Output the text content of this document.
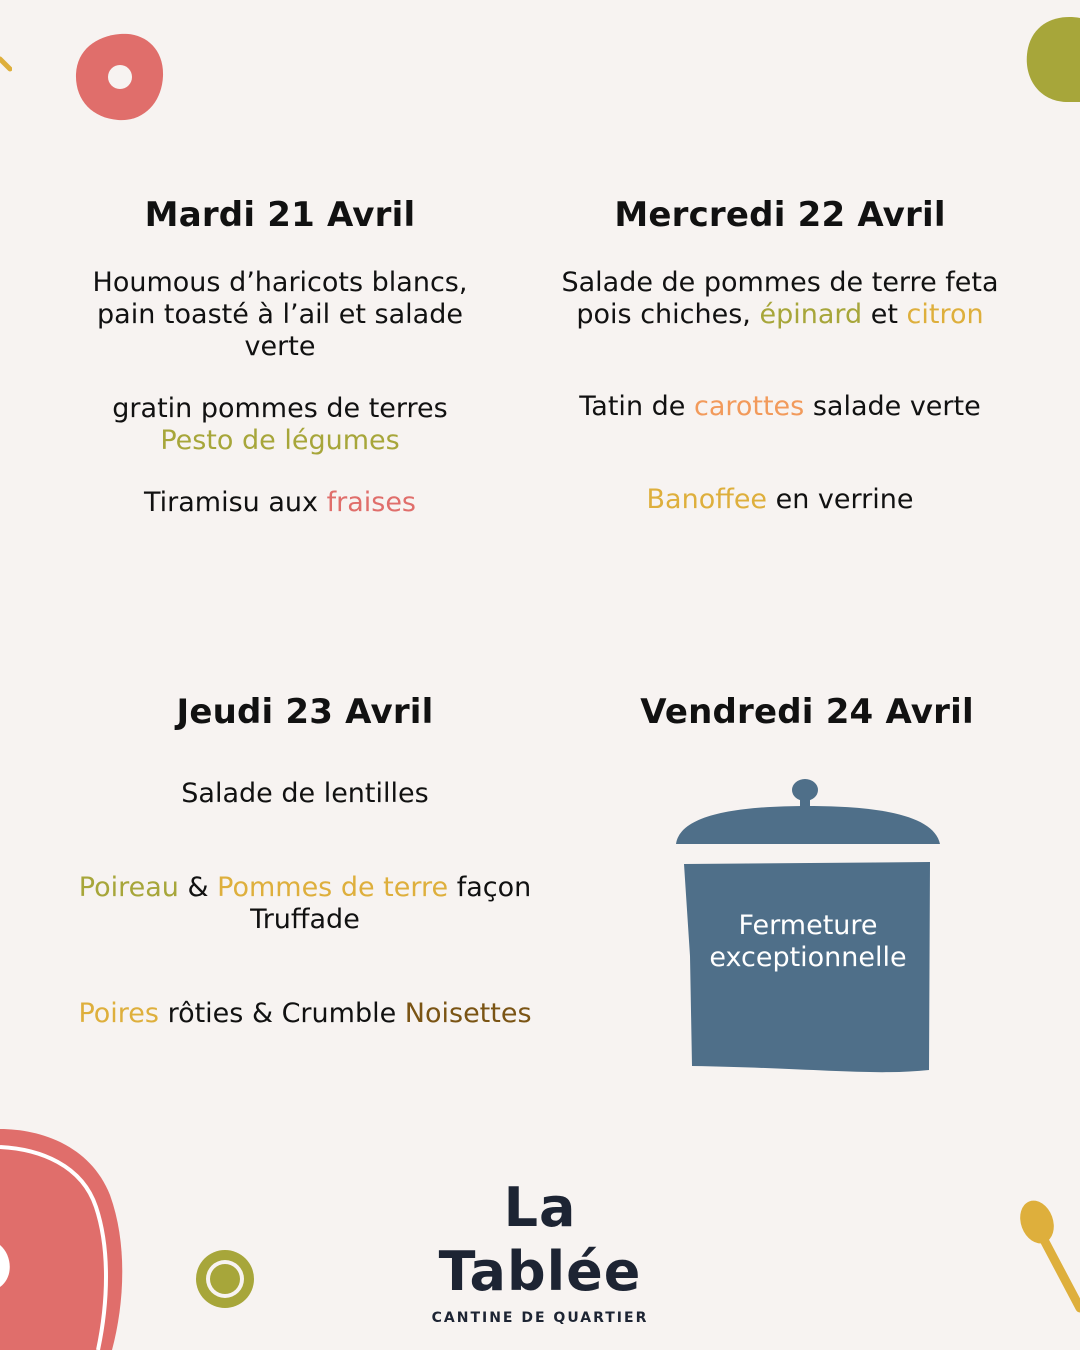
Mardi 21 Avril
Houmous d’haricots blancs, pain toasté à l’ail et salade verte
gratin pommes de terres
Pesto de légumes
Tiramisu aux fraises
Mercredi 22 Avril
Salade de pommes de terre feta
pois chiches, épinard et citron
Tatin de carottes salade verte
Banoffee en verrine
Jeudi 23 Avril
Salade de lentilles
Poireau & Pommes de terre façon
Truffade
Poires rôties & Crumble Noisettes
Vendredi 24 Avril
Fermeture
exceptionnelle
La Tablée
CANTINE DE QUARTIER
